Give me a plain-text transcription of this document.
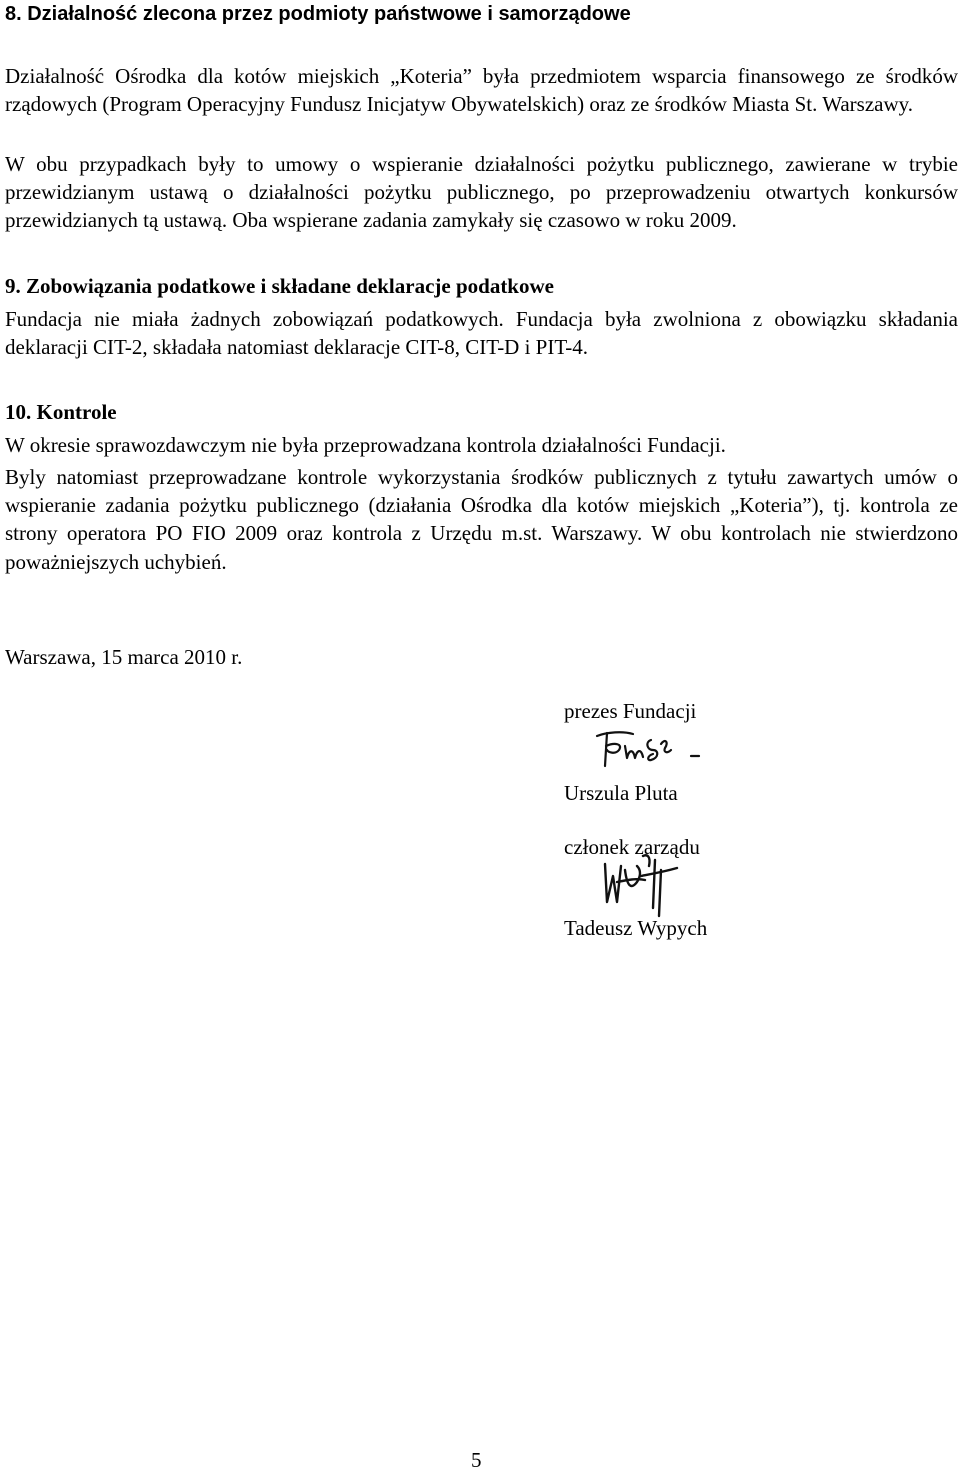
8. Działalność zlecona przez podmioty państwowe i samorządowe

Działalność Ośrodka dla kotów miejskich „Koteria” była przedmiotem wsparcia finansowego ze środków rządowych (Program Operacyjny Fundusz Inicjatyw Obywatelskich) oraz ze środków Miasta St. Warszawy.

W obu przypadkach były to umowy o wspieranie działalności pożytku publicznego, zawierane w trybie przewidzianym ustawą o działalności pożytku publicznego, po przeprowadzeniu otwartych konkursów przewidzianych tą ustawą. Oba wspierane zadania zamykały się czasowo w roku 2009.

9. Zobowiązania podatkowe i składane deklaracje podatkowe

Fundacja nie miała żadnych zobowiązań podatkowych. Fundacja była zwolniona z obowiązku składania deklaracji CIT-2, składała natomiast deklaracje CIT-8, CIT-D i PIT-4.

10. Kontrole

W okresie sprawozdawczym nie była przeprowadzana kontrola działalności Fundacji.

Byly natomiast przeprowadzane kontrole wykorzystania środków publicznych z tytułu zawartych umów o wspieranie zadania pożytku publicznego (działania Ośrodka dla kotów miejskich „Koteria”), tj. kontrola ze strony operatora PO FIO 2009 oraz kontrola z Urzędu m.st. Warszawy. W obu kontrolach nie stwierdzono poważniejszych uchybień.

Warszawa, 15 marca 2010 r.

prezes Fundacji
Urszula Pluta
członek zarządu
Tadeusz Wypych
5
